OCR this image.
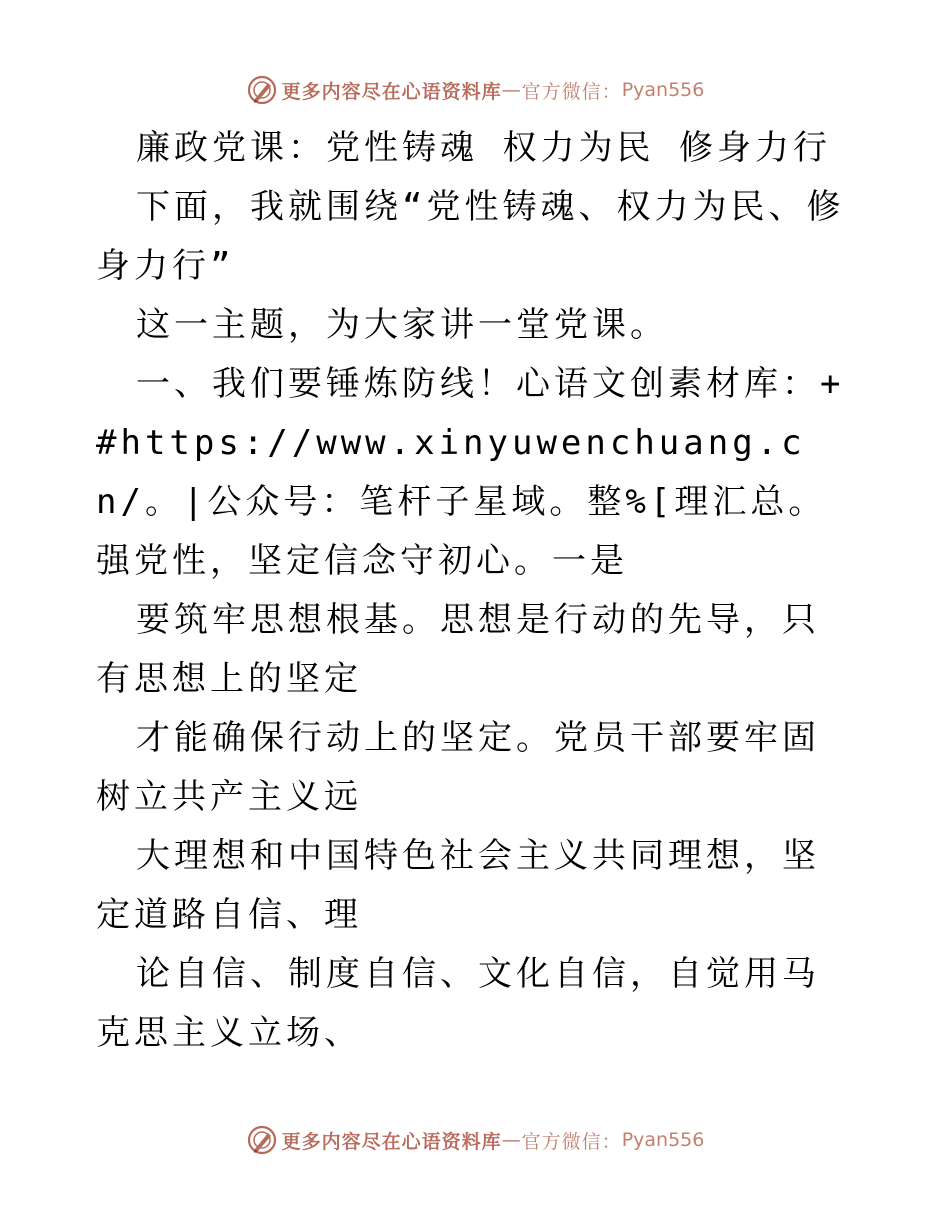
更多内容尽在心语资料库 — 官方微信： Pyan556

廉政党课：党性铸魂 权力为民 修身力行

下面，我就围绕“党性铸魂、权力为民、修身力行”

这一主题，为大家讲一堂党课。

一、我们要锤炼防线！心语文创素材库：+#https://www.xinyuwenchuang.cn/。|公众号：笔杆子星域。整%[理汇总。强党性，坚定信念守初心。一是

要筑牢思想根基。思想是行动的先导，只有思想上的坚定

才能确保行动上的坚定。党员干部要牢固树立共产主义远

大理想和中国特色社会主义共同理想，坚定道路自信、理

论自信、制度自信、文化自信，自觉用马克思主义立场、

更多内容尽在心语资料库 — 官方微信： Pyan556
